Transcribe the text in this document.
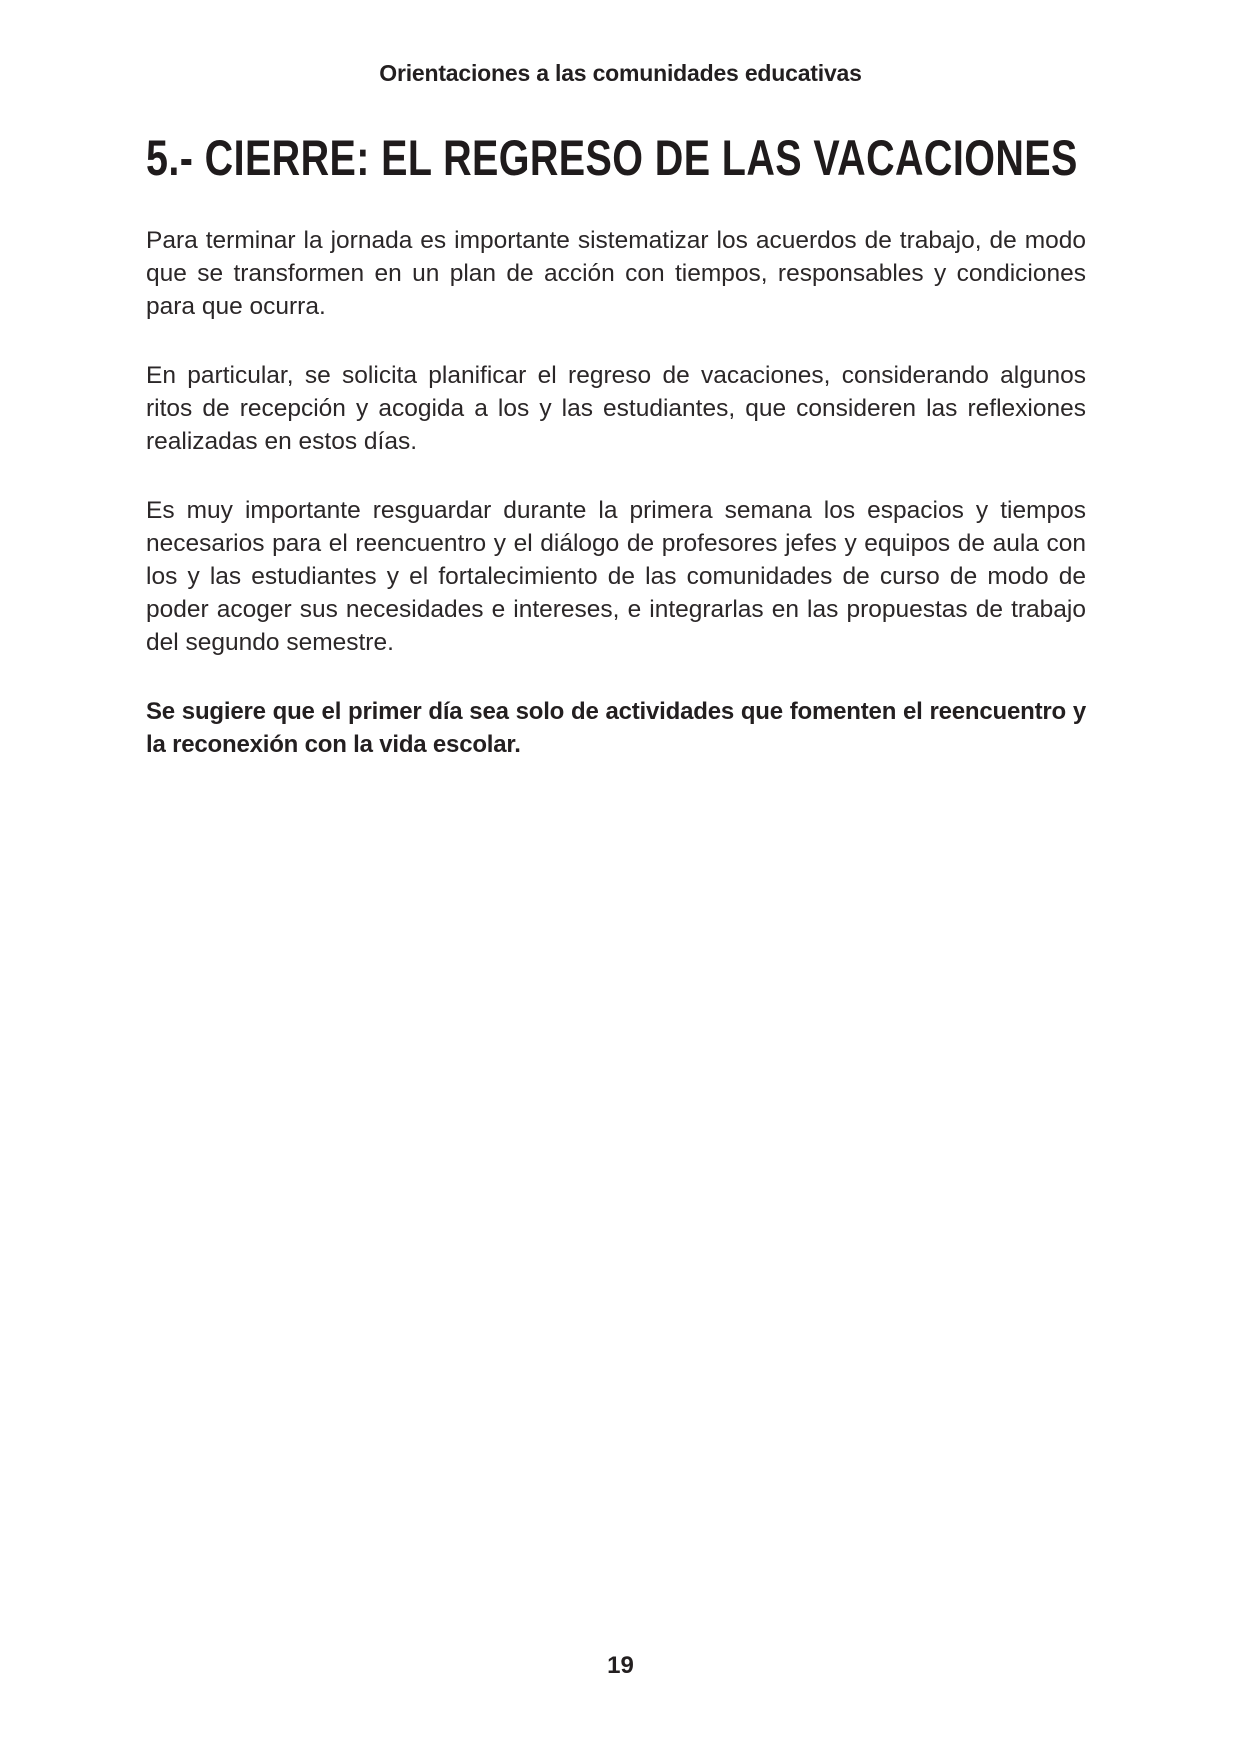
Orientaciones a las comunidades educativas
5.- CIERRE: EL REGRESO DE LAS VACACIONES

Para terminar la jornada es importante sistematizar los acuerdos de trabajo, de modo que se transformen en un plan de acción con tiempos, responsables y condiciones para que ocurra.

En particular, se solicita planificar el regreso de vacaciones, considerando algunos ritos de recepción y acogida a los y las estudiantes, que consideren las reflexiones realizadas en estos días.

Es muy importante resguardar durante la primera semana los espacios y tiempos necesarios para el reencuentro y el diálogo de profesores jefes y equipos de aula con los y las estudiantes y el fortalecimiento de las comunidades de curso de modo de poder acoger sus necesidades e intereses, e integrarlas en las propuestas de trabajo del segundo semestre.

Se sugiere que el primer día sea solo de actividades que fomenten el reencuentro y la reconexión con la vida escolar.

19
